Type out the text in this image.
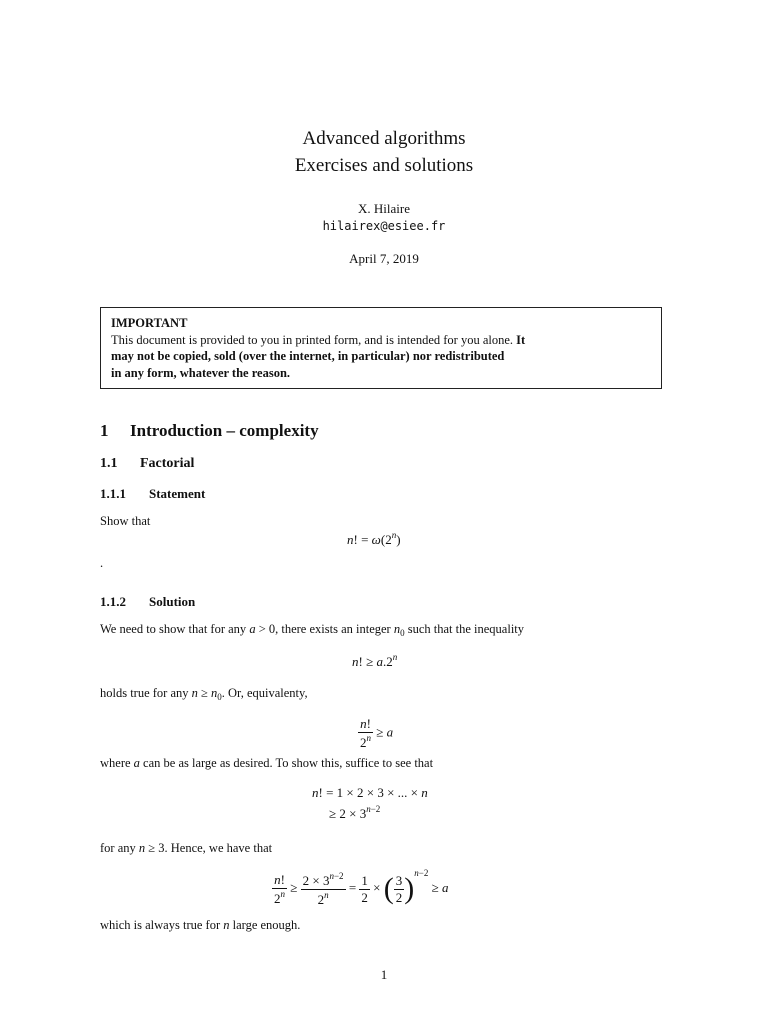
Advanced algorithms
Exercises and solutions
X. Hilaire
hilairex@esiee.fr
April 7, 2019
IMPORTANT
This document is provided to you in printed form, and is intended for you alone. It
may not be copied, sold (over the internet, in particular) nor redistributed
in any form, whatever the reason.
1 Introduction – complexity
1.1 Factorial
1.1.1 Statement
Show that
n! = $\omega(2^n)$
.
1.1.2 Solution
We need to show that for any a > 0, there exists an integer $n_0$ such that the inequality
n! ≥ $a.2^n$
holds true for any $n \ge n_0$. Or, equivalenty,
$\frac{n!}{2^n} \ge a$
where a can be as large as desired. To show this, suffice to see that
n! = 1 × 2 × 3 × ... × n
≥ $2 \times 3^{n-2}$
for any n ≥ 3. Hence, we have that
$\frac{n!}{2^n} \ge \frac{2 \times 3^{n-2}}{2^n} = \frac{1}{2}$ × ( $\frac{3}{2} )^{n-2} \ge a$
which is always true for n large enough.
1
